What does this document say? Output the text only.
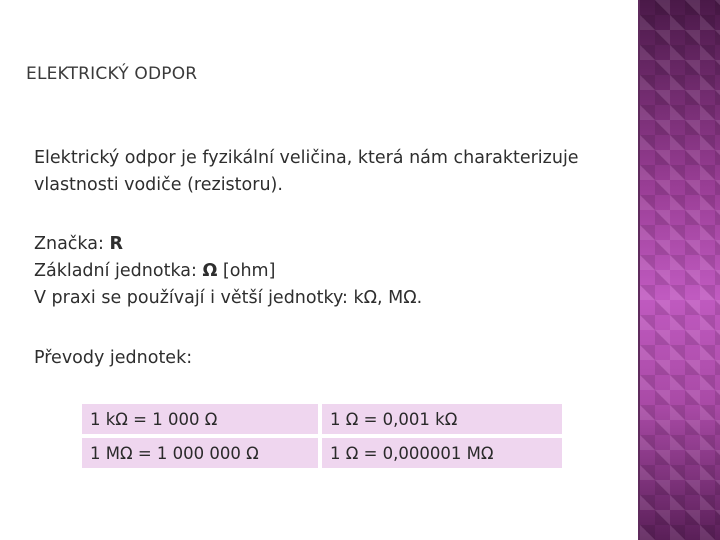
ELEKTRICKÝ ODPOR

Elektrický odpor je fyzikální veličina, která nám charakterizuje vlastnosti vodiče (rezistoru).

Značka: R
Základní jednotka: Ω [ohm]
V praxi se používají i větší jednotky: kΩ, MΩ.

Převody jednotek:

1 kΩ = 1 000 Ω	1 Ω = 0,001 kΩ
1 MΩ = 1 000 000 Ω	1 Ω = 0,000001 MΩ
